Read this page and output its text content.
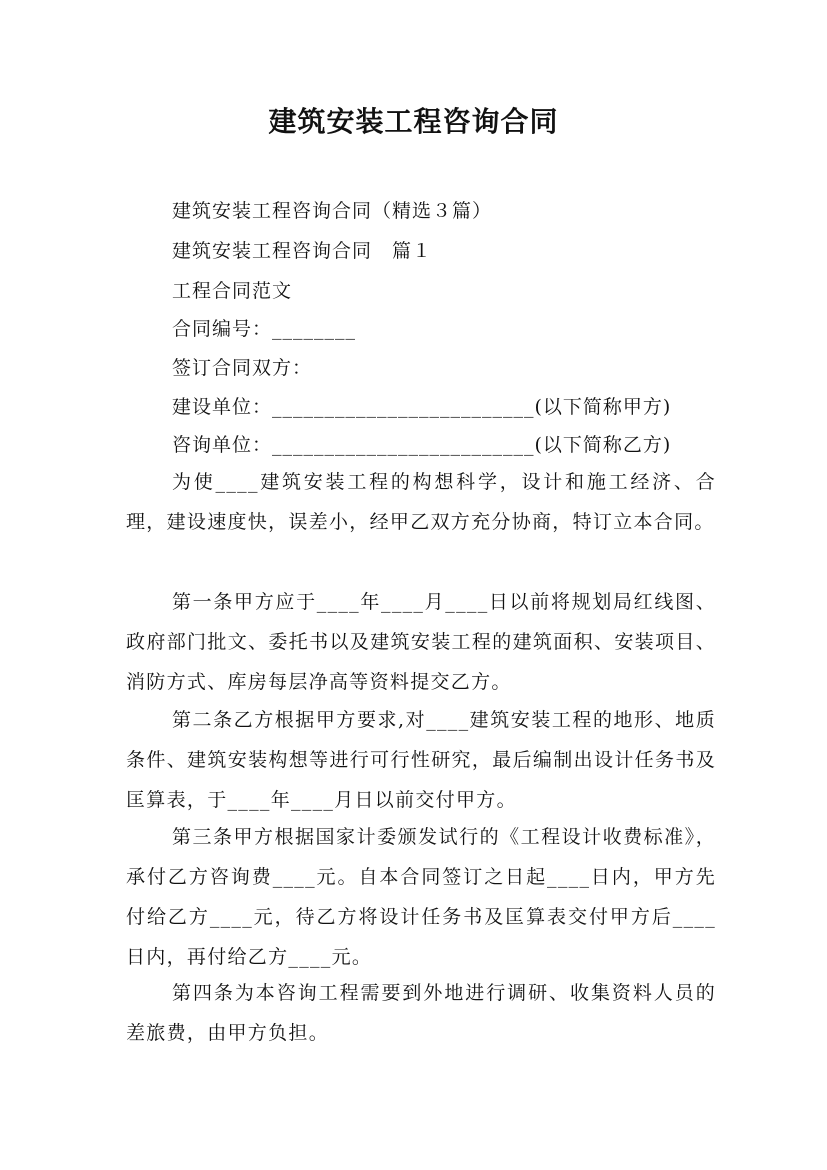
建筑安装工程咨询合同
建筑安装工程咨询合同（精选３篇）
建筑安装工程咨询合同　篇１
工程合同范文
合同编号：________
签订合同双方：
建设单位：_________________________(以下简称甲方)
咨询单位：_________________________(以下简称乙方)
为使____建筑安装工程的构想科学，设计和施工经济、合理，建设速度快，误差小，经甲乙双方充分协商，特订立本合同。
第一条甲方应于____年____月____日以前将规划局红线图、政府部门批文、委托书以及建筑安装工程的建筑面积、安装项目、消防方式、库房每层净高等资料提交乙方。
第二条乙方根据甲方要求,对____建筑安装工程的地形、地质条件、建筑安装构想等进行可行性研究，最后编制出设计任务书及匡算表，于____年____月日以前交付甲方。
第三条甲方根据国家计委颁发试行的《工程设计收费标准》，承付乙方咨询费____元。自本合同签订之日起____日内，甲方先付给乙方____元，待乙方将设计任务书及匡算表交付甲方后____日内，再付给乙方____元。
第四条为本咨询工程需要到外地进行调研、收集资料人员的差旅费，由甲方负担。
